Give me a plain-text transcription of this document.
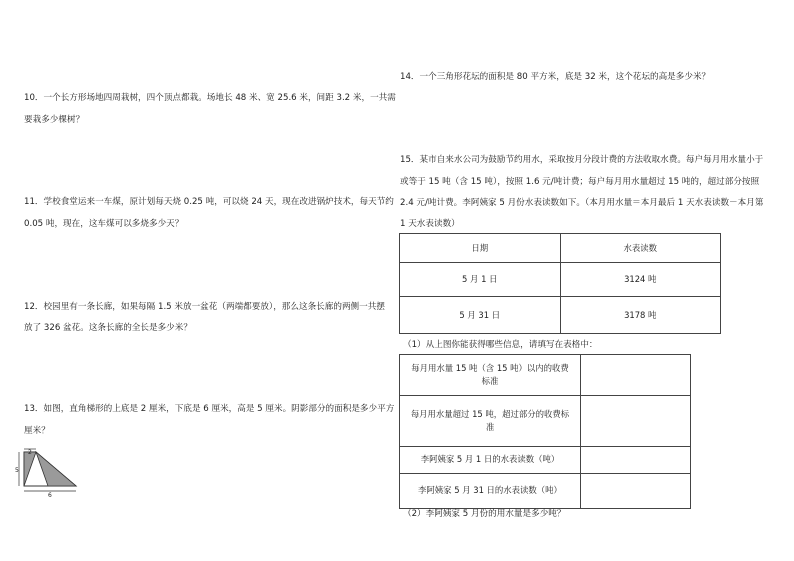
10．一个长方形场地四周栽树，四个顶点都栽。场地长 48 米、宽 25.6 米，间距 3.2 米，一共需
要栽多少棵树？
11．学校食堂运来一车煤，原计划每天烧 0.25 吨，可以烧 24 天，现在改进锅炉技术，每天节约
0.05 吨，现在，这车煤可以多烧多少天？
12．校园里有一条长廊，如果每隔 1.5 米放一盆花（两端都要放），那么这条长廊的两侧一共摆
放了 326 盆花。这条长廊的全长是多少米？
13．如图，直角梯形的上底是 2 厘米，下底是 6 厘米，高是 5 厘米。阴影部分的面积是多少平方
厘米？
2
5
6
14．一个三角形花坛的面积是 80 平方米，底是 32 米，这个花坛的高是多少米？
15．某市自来水公司为鼓励节约用水，采取按月分段计费的方法收取水费。每户每月用水量小于
或等于 15 吨（含 15 吨），按照 1.6 元/吨计费；每户每月用水量超过 15 吨的，超过部分按照
2.4 元/吨计费。李阿姨家 5 月份水表读数如下。（本月用水量＝本月最后 1 天水表读数－本月第
1 天水表读数）
日期	水表读数
5 月 1 日	3124 吨
5 月 31 日	3178 吨
（1）从上图你能获得哪些信息，请填写在表格中：
每月用水量 15 吨（含 15 吨）以内的收费
标准	
每月用水量超过 15 吨，超过部分的收费标
准	
李阿姨家 5 月 1 日的水表读数（吨）	
李阿姨家 5 月 31 日的水表读数（吨）	
（2）李阿姨家 5 月份的用水量是多少吨？
